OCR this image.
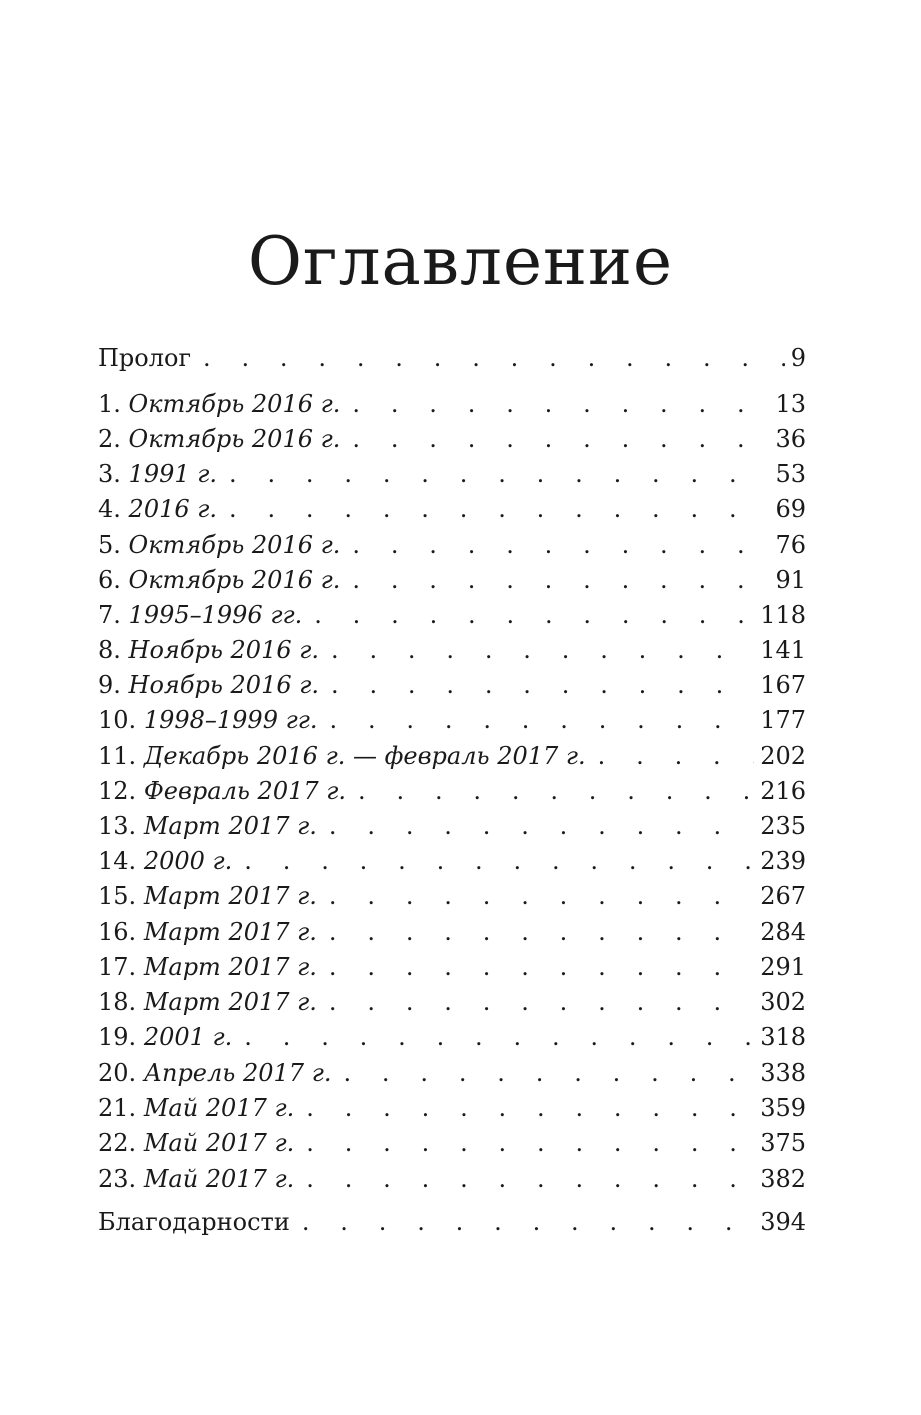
Оглавление
Пролог . . .	9
1. Октябрь 2016 г. . . .	13
2. Октябрь 2016 г. . . .	36
3. 1991 г. . . .	53
4. 2016 г. . . .	69
5. Октябрь 2016 г. . . .	76
6. Октябрь 2016 г. . . .	91
7. 1995–1996 гг. . . .	118
8. Ноябрь 2016 г. . . .	141
9. Ноябрь 2016 г. . . .	167
10. 1998–1999 гг. . . .	177
11. Декабрь 2016 г. — февраль 2017 г. . . .	202
12. Февраль 2017 г. . . .	216
13. Март 2017 г. . . .	235
14. 2000 г. . . .	239
15. Март 2017 г. . . .	267
16. Март 2017 г. . . .	284
17. Март 2017 г. . . .	291
18. Март 2017 г. . . .	302
19. 2001 г. . . .	318
20. Апрель 2017 г. . . .	338
21. Май 2017 г. . . .	359
22. Май 2017 г. . . .	375
23. Май 2017 г. . . .	382
Благодарности . . .	394
